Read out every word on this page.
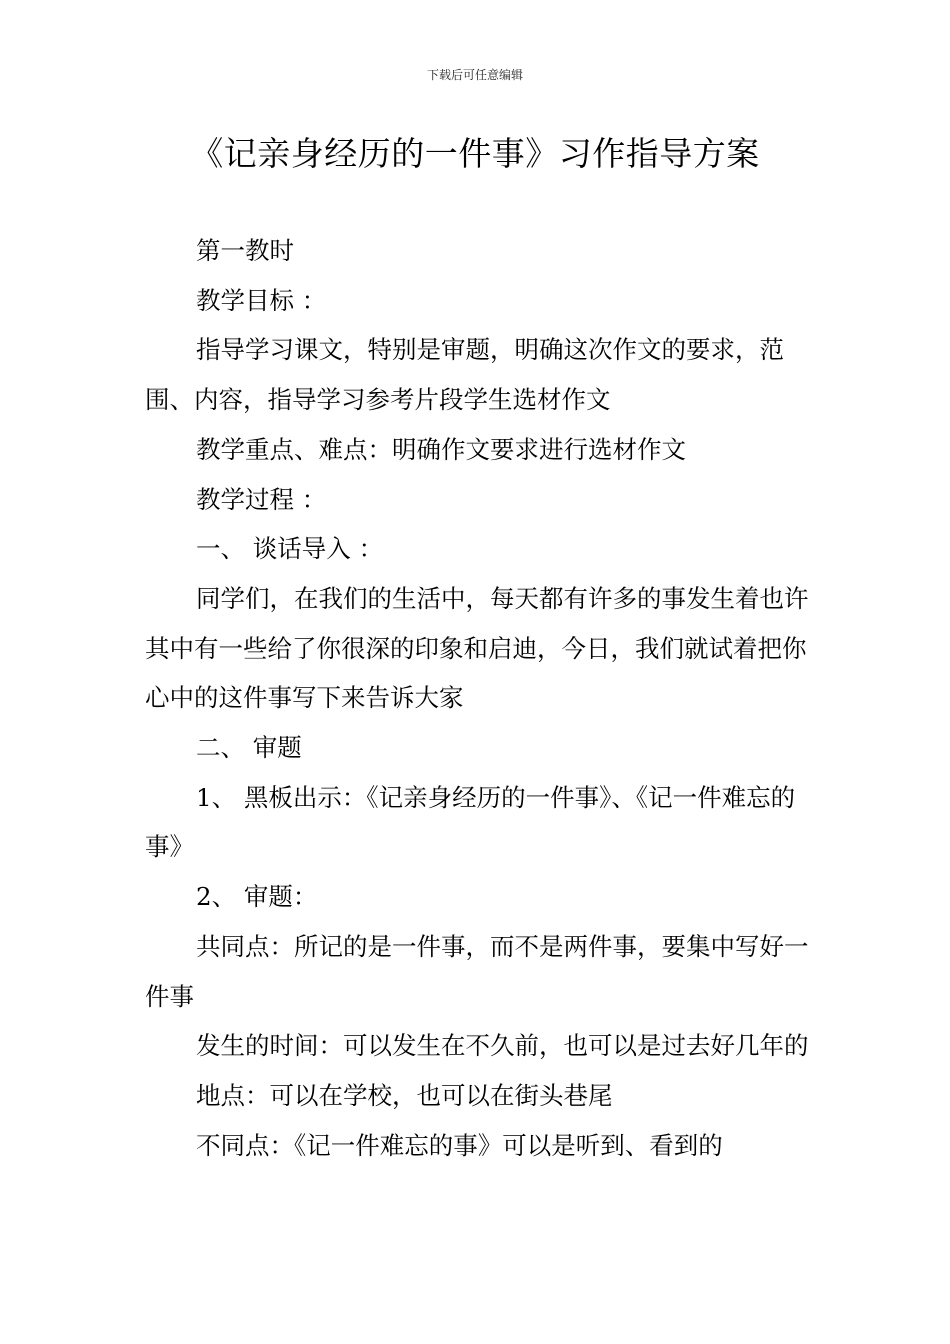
下载后可任意编辑
《记亲身经历的一件事》习作指导方案

第一教时

教学目标 ：

指导学习课文，特别是审题，明确这次作文的要求，范围、内容，指导学习参考片段学生选材作文

教学重点、难点：明确作文要求进行选材作文

教学过程 ：

一、 谈话导入 ：

同学们，在我们的生活中，每天都有许多的事发生着也许其中有一些给了你很深的印象和启迪，今日，我们就试着把你心中的这件事写下来告诉大家

二、 审题

1、 黑板出示：《记亲身经历的一件事》、《记一件难忘的事》

2、 审题：

共同点：所记的是一件事，而不是两件事，要集中写好一件事

发生的时间：可以发生在不久前，也可以是过去好几年的

地点：可以在学校，也可以在街头巷尾

不同点：《记一件难忘的事》可以是听到、看到的
